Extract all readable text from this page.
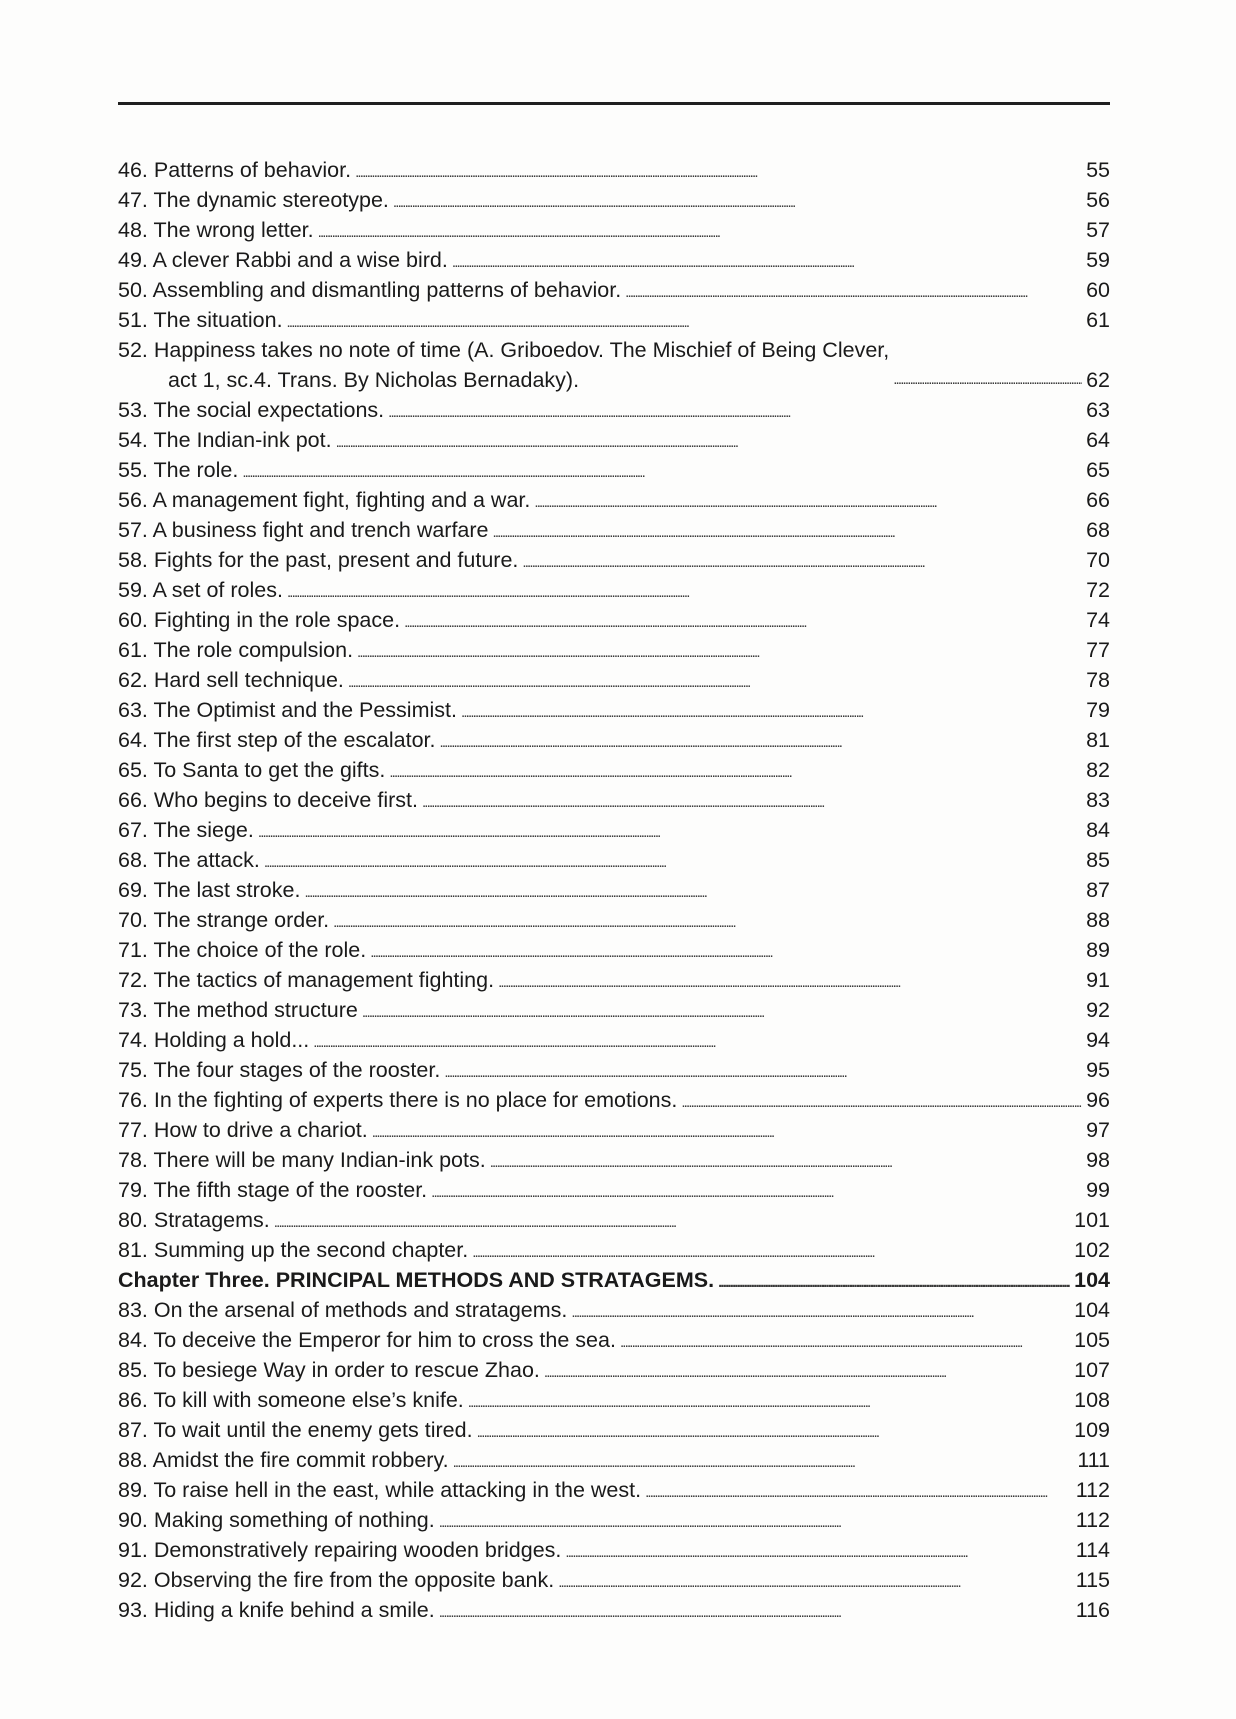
46. Patterns of behavior. . . .	55
47. The dynamic stereotype. . . .	56
48. The wrong letter. . . .	57
49. A clever Rabbi and a wise bird. . . .	59
50. Assembling and dismantling patterns of behavior. . . .	60
51. The situation. . . .	61
52. Happiness takes no note of time (A. Griboedov. The Mischief of Being Clever,
act 1, sc.4. Trans. By Nicholas Bernadaky). . . .	62
53. The social expectations. . . .	63
54. The Indian-ink pot. . . .	64
55. The role. . . .	65
56. A management fight, fighting and a war. . . .	66
57. A business fight and trench warfare . . .	68
58. Fights for the past, present and future. . . .	70
59. A set of roles. . . .	72
60. Fighting in the role space. . . .	74
61. The role compulsion. . . .	77
62. Hard sell technique. . . .	78
63. The Optimist and the Pessimist. . . .	79
64. The first step of the escalator. . . .	81
65. To Santa to get the gifts. . . .	82
66. Who begins to deceive first. . . .	83
67. The siege. . . .	84
68. The attack. . . .	85
69. The last stroke. . . .	87
70. The strange order. . . .	88
71. The choice of the role. . . .	89
72. The tactics of management fighting. . . .	91
73. The method structure . . .	92
74. Holding a hold... . . .	94
75. The four stages of the rooster. . . .	95
76. In the fighting of experts there is no place for emotions. . . .	96
77. How to drive a chariot. . . .	97
78. There will be many Indian-ink pots. . . .	98
79. The fifth stage of the rooster. . . .	99
80. Stratagems. . . .	101
81. Summing up the second chapter. . . .	102
Chapter Three. PRINCIPAL METHODS AND STRATAGEMS. . . .	104
83. On the arsenal of methods and stratagems. . . .	104
84. To deceive the Emperor for him to cross the sea. . . .	105
85. To besiege Way in order to rescue Zhao. . . .	107
86. To kill with someone else’s knife. . . .	108
87. To wait until the enemy gets tired. . . .	109
88. Amidst the fire commit robbery. . . .	111
89. To raise hell in the east, while attacking in the west. . . .	112
90. Making something of nothing. . . .	112
91. Demonstratively repairing wooden bridges. . . .	114
92. Observing the fire from the opposite bank. . . .	115
93. Hiding a knife behind a smile. . . .	116
